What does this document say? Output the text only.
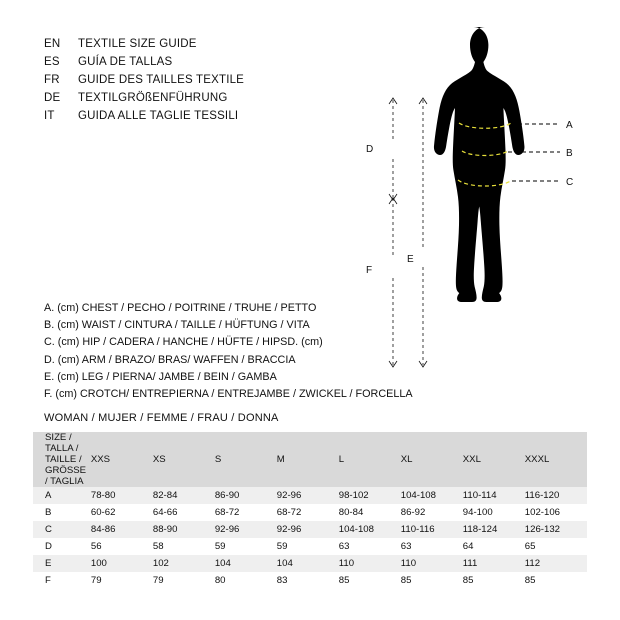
EN	TEXTILE SIZE GUIDE
ES	GUÍA DE TALLAS
FR	GUIDE DES TAILLES TEXTILE
DE	TEXTILGRÖßENFÜHRUNG
IT	GUIDA ALLE TAGLIE TESSILI
A. (cm) CHEST / PECHO / POITRINE / TRUHE / PETTO
B. (cm) WAIST / CINTURA / TAILLE / HÜFTUNG / VITA
C. (cm) HIP / CADERA / HANCHE / HÜFTE / HIPSD. (cm)
D. (cm) ARM / BRAZO/ BRAS/ WAFFEN / BRACCIA
E. (cm) LEG / PIERNA/ JAMBE / BEIN / GAMBA
F. (cm) CROTCH/ ENTREPIERNA / ENTREJAMBE / ZWICKEL / FORCELLA
WOMAN / MUJER / FEMME / FRAU / DONNA
SIZE / TALLA / TAILLE / GRÖSSE / TAGLIA	XXS	XS	S	M	L	XL	XXL	XXXL
A	78-80	82-84	86-90	92-96	98-102	104-108	110-114	116-120
B	60-62	64-66	68-72	68-72	80-84	86-92	94-100	102-106
C	84-86	88-90	92-96	92-96	104-108	110-116	118-124	126-132
D	56	58	59	59	63	63	64	65
E	100	102	104	104	110	110	111	112
F	79	79	80	83	85	85	85	85
A
B
C
D
E
F
